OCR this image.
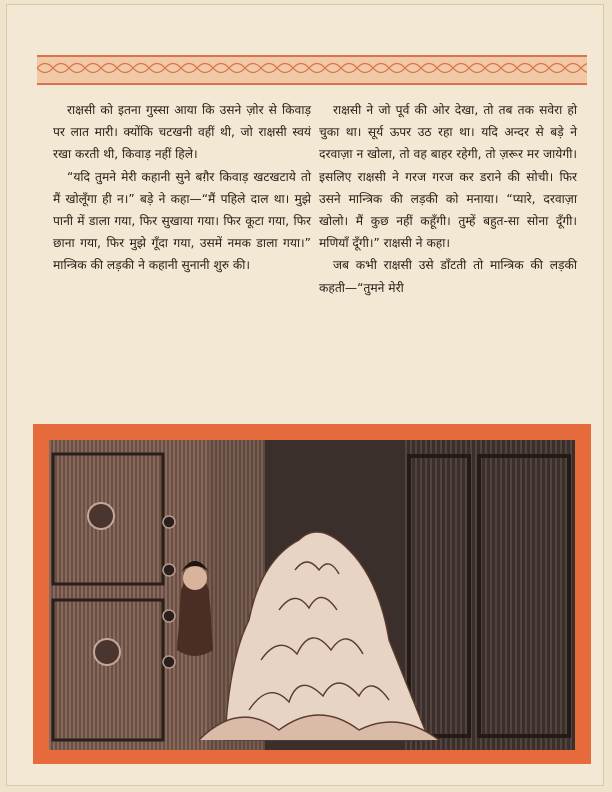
राक्षसी को इतना गुस्सा आया कि उसने ज़ोर से किवाड़ पर लात मारी। क्योंकि चटखनी वहीं थी, जो राक्षसी स्वयं रखा करती थी, किवाड़ नहीं हिले।

“यदि तुमने मेरी कहानी सुने बग़ैर किवाड़ खटखटाये तो मैं खोलूँगा ही न।” बड़े ने कहा—“मैं पहिले दाल था। मुझे पानी में डाला गया, फिर सुखाया गया। फिर कूटा गया, फिर छाना गया, फिर मुझे गूँदा गया, उसमें नमक डाला गया।” मान्त्रिक की लड़की ने कहानी सुनानी शुरु की।

राक्षसी ने जो पूर्व की ओर देखा, तो तब तक सवेरा हो चुका था। सूर्य ऊपर उठ रहा था। यदि अन्दर से बड़े ने दरवाज़ा न खोला, तो वह बाहर रहेगी, तो ज़रूर मर जायेगी। इसलिए राक्षसी ने गरज गरज कर डराने की सोची। फिर उसने मान्त्रिक की लड़की को मनाया। “प्यारे, दरवाज़ा खोलो। मैं कुछ नहीं कहूँगी। तुम्हें बहुत-सा सोना दूँगी। मणियाँ दूँगी।” राक्षसी ने कहा।

जब कभी राक्षसी उसे डाँटती तो मान्त्रिक की लड़की कहती—“तुमने मेरी
